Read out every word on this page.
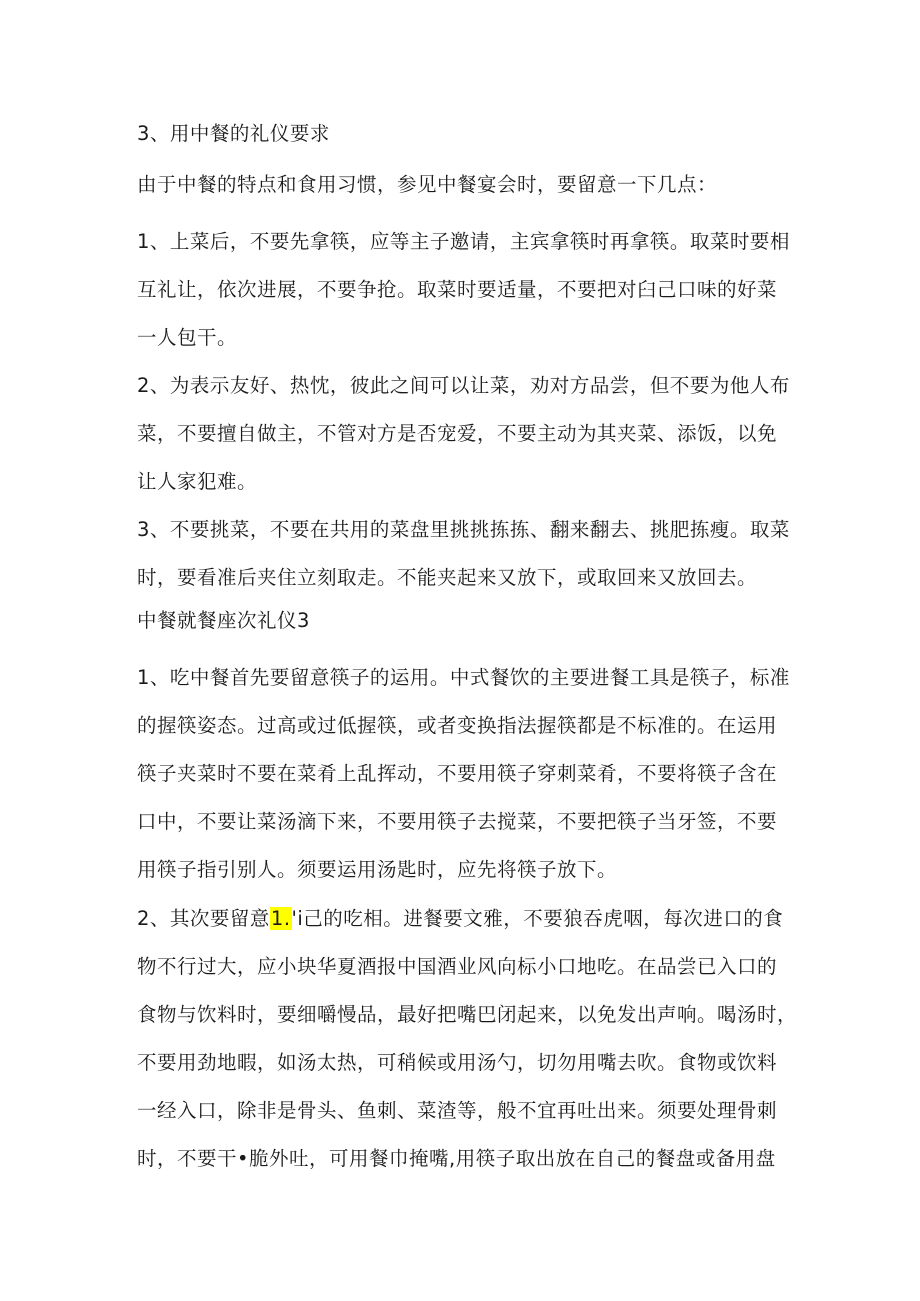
3、用中餐的礼仪要求

由于中餐的特点和食用习惯，参见中餐宴会时，要留意一下几点：

1、上菜后，不要先拿筷，应等主子邀请，主宾拿筷时再拿筷。取菜时要相
互礼让，依次进展，不要争抢。取菜时要适量，不要把对臼己口味的好菜
一人包干。

2、为表示友好、热忱，彼此之间可以让菜，劝对方品尝，但不要为他人布
菜，不要擅自做主，不管对方是否宠爱，不要主动为其夹菜、添饭，以免
让人家犯难。

3、不要挑菜，不要在共用的菜盘里挑挑拣拣、翻来翻去、挑肥拣瘦。取菜
时，要看准后夹住立刻取走。不能夹起来又放下，或取回来又放回去。

中餐就餐座次礼仪3

1、吃中餐首先要留意筷子的运用。中式餐饮的主要进餐工具是筷子，标准
的握筷姿态。过高或过低握筷，或者变换指法握筷都是不标准的。在运用
筷子夹菜时不要在菜肴上乱挥动，不要用筷子穿刺菜肴，不要将筷子含在
口中，不要让菜汤滴下来，不要用筷子去搅菜，不要把筷子当牙签，不要
用筷子指引别人。须要运用汤匙时，应先将筷子放下。

2、其次要留意1.'i己的吃相。进餐要文雅，不要狼吞虎咽，每次进口的食
物不行过大，应小块华夏酒报中国酒业风向标小口地吃。在品尝已入口的
食物与饮料时，要细嚼慢品，最好把嘴巴闭起来，以免发出声响。喝汤时，
不要用劲地暇，如汤太热，可稍候或用汤勺，切勿用嘴去吹。食物或饮料
一经入口，除非是骨头、鱼刺、菜渣等，般不宜再吐出来。须要处理骨刺
时，不要干•脆外吐，可用餐巾掩嘴,用筷子取出放在自己的餐盘或备用盘
